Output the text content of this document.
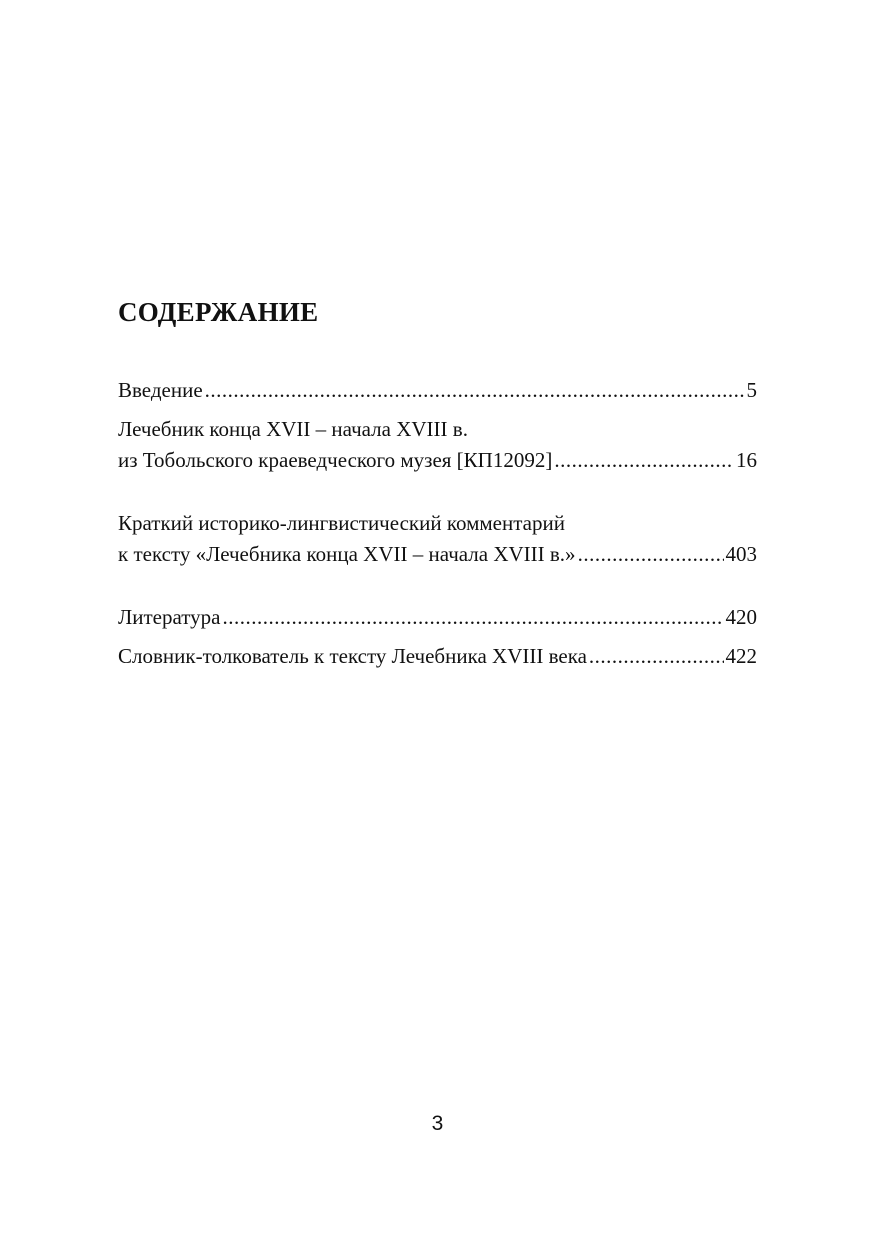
СОДЕРЖАНИЕ
Введение .....	5
Лечебник конца XVII – начала XVIII в.
из Тобольского краеведческого музея [КП12092] .....	16
Краткий историко-лингвистический комментарий
к тексту «Лечебника конца XVII – начала XVIII в.» .....	403
Литература .....	420
Словник-толкователь к тексту Лечебника XVIII века .....	422
3
